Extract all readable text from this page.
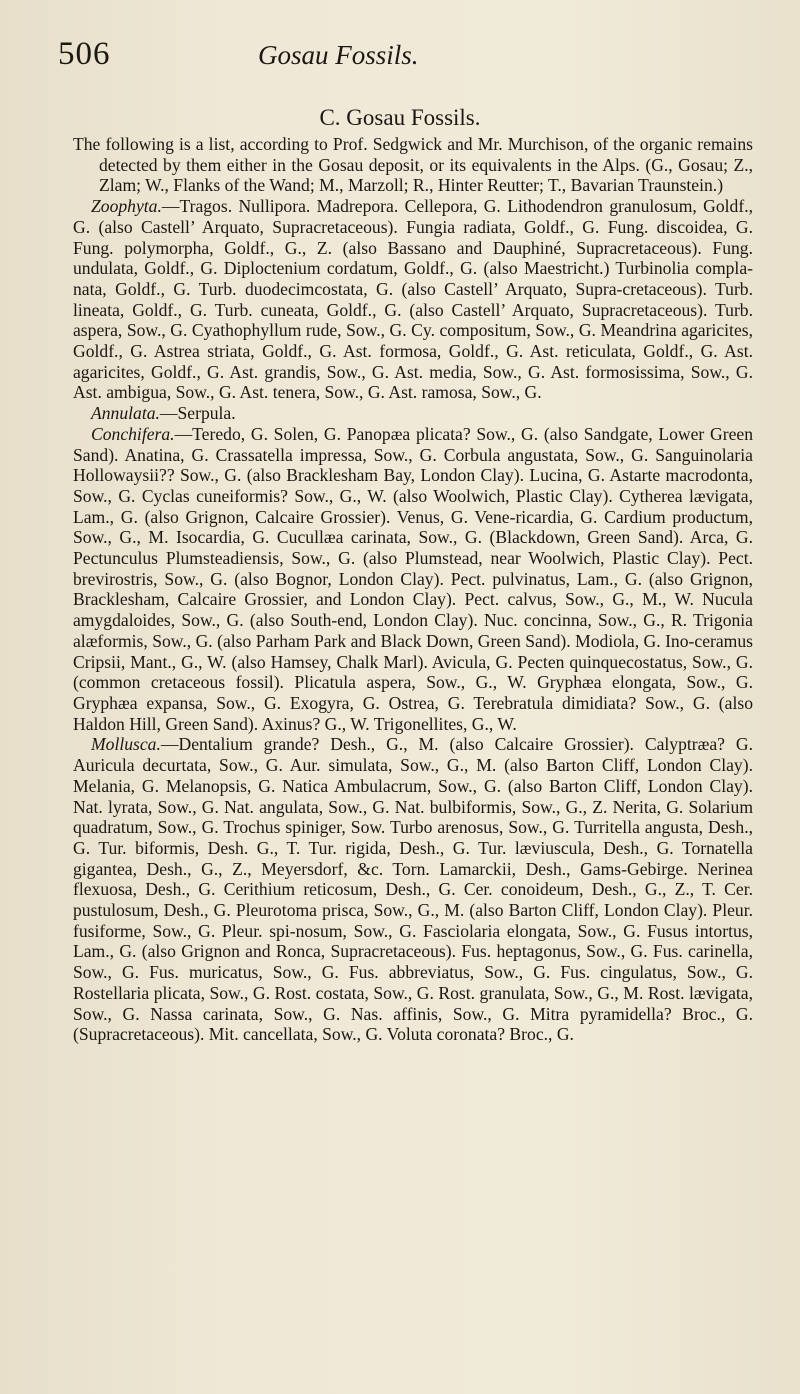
506	Gosau Fossils.
C. Gosau Fossils.

The following is a list, according to Prof. Sedgwick and Mr. Murchison, of the organic remains detected by them either in the Gosau deposit, or its equivalents in the Alps. (G., Gosau; Z., Zlam; W., Flanks of the Wand; M., Marzoll; R., Hinter Reutter; T., Bavarian Traunstein.)

Zoophyta.—Tragos. Nullipora. Madrepora. Cellepora, G. Lithodendron granulosum, Goldf., G. (also Castell’ Arquato, Supracretaceous). Fungia radiata, Goldf., G. Fung. discoidea, G. Fung. polymorpha, Goldf., G., Z. (also Bassano and Dauphiné, Supracretaceous). Fung. undulata, Goldf., G. Diploctenium cordatum, Goldf., G. (also Maestricht.) Turbinolia compla-nata, Goldf., G. Turb. duodecimcostata, G. (also Castell’ Arquato, Supra-cretaceous). Turb. lineata, Goldf., G. Turb. cuneata, Goldf., G. (also Castell’ Arquato, Supracretaceous). Turb. aspera, Sow., G. Cyathophyllum rude, Sow., G. Cy. compositum, Sow., G. Meandrina agaricites, Goldf., G. Astrea striata, Goldf., G. Ast. formosa, Goldf., G. Ast. reticulata, Goldf., G. Ast. agaricites, Goldf., G. Ast. grandis, Sow., G. Ast. media, Sow., G. Ast. formosissima, Sow., G. Ast. ambigua, Sow., G. Ast. tenera, Sow., G. Ast. ramosa, Sow., G.

Annulata.—Serpula.

Conchifera.—Teredo, G. Solen, G. Panopæa plicata? Sow., G. (also Sandgate, Lower Green Sand). Anatina, G. Crassatella impressa, Sow., G. Corbula angustata, Sow., G. Sanguinolaria Hollowaysii?? Sow., G. (also Bracklesham Bay, London Clay). Lucina, G. Astarte macrodonta, Sow., G. Cyclas cuneiformis? Sow., G., W. (also Woolwich, Plastic Clay). Cytherea lævigata, Lam., G. (also Grignon, Calcaire Grossier). Venus, G. Vene-ricardia, G. Cardium productum, Sow., G., M. Isocardia, G. Cucullæa carinata, Sow., G. (Blackdown, Green Sand). Arca, G. Pectunculus Plumsteadiensis, Sow., G. (also Plumstead, near Woolwich, Plastic Clay). Pect. brevirostris, Sow., G. (also Bognor, London Clay). Pect. pulvinatus, Lam., G. (also Grignon, Bracklesham, Calcaire Grossier, and London Clay). Pect. calvus, Sow., G., M., W. Nucula amygdaloides, Sow., G. (also South-end, London Clay). Nuc. concinna, Sow., G., R. Trigonia alæformis, Sow., G. (also Parham Park and Black Down, Green Sand). Modiola, G. Ino-ceramus Cripsii, Mant., G., W. (also Hamsey, Chalk Marl). Avicula, G. Pecten quinquecostatus, Sow., G. (common cretaceous fossil). Plicatula aspera, Sow., G., W. Gryphæa elongata, Sow., G. Gryphæa expansa, Sow., G. Exogyra, G. Ostrea, G. Terebratula dimidiata? Sow., G. (also Haldon Hill, Green Sand). Axinus? G., W. Trigonellites, G., W.

Mollusca.—Dentalium grande? Desh., G., M. (also Calcaire Grossier). Calyptræa? G. Auricula decurtata, Sow., G. Aur. simulata, Sow., G., M. (also Barton Cliff, London Clay). Melania, G. Melanopsis, G. Natica Ambulacrum, Sow., G. (also Barton Cliff, London Clay). Nat. lyrata, Sow., G. Nat. angulata, Sow., G. Nat. bulbiformis, Sow., G., Z. Nerita, G. Solarium quadratum, Sow., G. Trochus spiniger, Sow. Turbo arenosus, Sow., G. Turritella angusta, Desh., G. Tur. biformis, Desh. G., T. Tur. rigida, Desh., G. Tur. læviuscula, Desh., G. Tornatella gigantea, Desh., G., Z., Meyersdorf, &c. Torn. Lamarckii, Desh., Gams-Gebirge. Nerinea flexuosa, Desh., G. Cerithium reticosum, Desh., G. Cer. conoideum, Desh., G., Z., T. Cer. pustulosum, Desh., G. Pleurotoma prisca, Sow., G., M. (also Barton Cliff, London Clay). Pleur. fusiforme, Sow., G. Pleur. spi-nosum, Sow., G. Fasciolaria elongata, Sow., G. Fusus intortus, Lam., G. (also Grignon and Ronca, Supracretaceous). Fus. heptagonus, Sow., G. Fus. carinella, Sow., G. Fus. muricatus, Sow., G. Fus. abbreviatus, Sow., G. Fus. cingulatus, Sow., G. Rostellaria plicata, Sow., G. Rost. costata, Sow., G. Rost. granulata, Sow., G., M. Rost. lævigata, Sow., G. Nassa carinata, Sow., G. Nas. affinis, Sow., G. Mitra pyramidella? Broc., G. (Supracretaceous). Mit. cancellata, Sow., G. Voluta coronata? Broc., G.
